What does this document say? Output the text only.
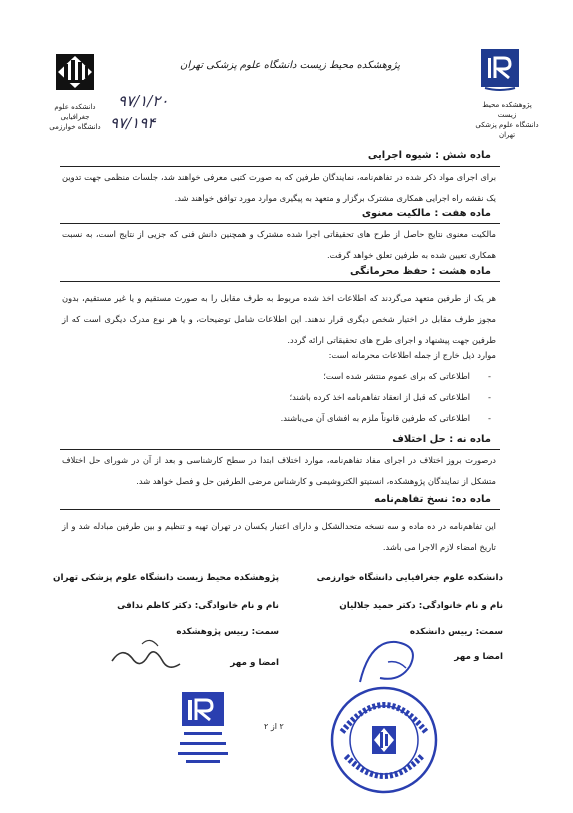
دانشکده علوم جغرافیایی
دانشگاه خوارزمی
پژوهشکده محیط زیست
دانشگاه علوم پزشکی تهران
پژوهشکده محیط زیست دانشگاه علوم پزشکی تهران
۹۷/۱/۲۰
۹۷/۱۹۴
ماده شش : شیوه اجرایی
برای اجرای مواد ذکر شده در تفاهم‌نامه، نمایندگان طرفین که به صورت کتبی معرفی خواهند شد، جلسات منظمی جهت تدوین یک نقشه راه اجرایی همکاری مشترک برگزار و متعهد به پیگیری موارد مورد توافق خواهند شد.
ماده هفت : مالکیت معنوی
مالکیت معنوی نتایج حاصل از طرح های تحقیقاتی اجرا شده مشترک و همچنین دانش فنی که جزیی از نتایج است، به نسبت همکاری تعیین شده به طرفین تعلق خواهد گرفت.
ماده هشت : حفظ محرمانگی
هر یک از طرفین متعهد می‌گردند که اطلاعات اخذ شده مربوط به طرف مقابل را به صورت مستقیم و یا غیر مستقیم، بدون مجوز طرف مقابل در اختیار شخص دیگری قرار ندهند. این اطلاعات شامل توضیحات، و یا هر نوع مدرک دیگری است که از طرفین جهت پیشنهاد و اجرای طرح های تحقیقاتی ارائه گردد.
موارد ذیل خارج از جمله اطلاعات محرمانه است:
-اطلاعاتی که برای عموم منتشر شده است؛
-اطلاعاتی که قبل از انعقاد تفاهم‌نامه اخذ کرده باشند؛
-اطلاعاتی که طرفین قانوناً ملزم به افشای آن می‌باشند.
ماده نه : حل اختلاف
درصورت بروز اختلاف در اجرای مفاد تفاهم‌نامه، موارد اختلاف ابتدا در سطح کارشناسی و بعد از آن در شورای حل اختلاف متشکل از نمایندگان پژوهشکده، انستیتو الکتروشیمی و کارشناس مرضی الطرفین حل و فصل خواهد شد.
ماده ده: نسخ تفاهم‌نامه
این تفاهم‌نامه در ده ماده و سه نسخه متحدالشکل و دارای اعتبار یکسان در تهران تهیه و تنظیم و بین طرفین مبادله شد و از تاریخ امضاء لازم الاجرا می باشد.
دانشکده علوم جغرافیایی دانشگاه خوارزمی
نام و نام خانوادگی: دکتر حمید جلالیان
سمت: رییس دانشکده
امضا و مهر
پژوهشکده محیط زیست دانشگاه علوم پزشکی تهران
نام و نام خانوادگی: دکتر کاظم ندافی
سمت: رییس پژوهشکده
امضا و مهر
۲ از ۲
